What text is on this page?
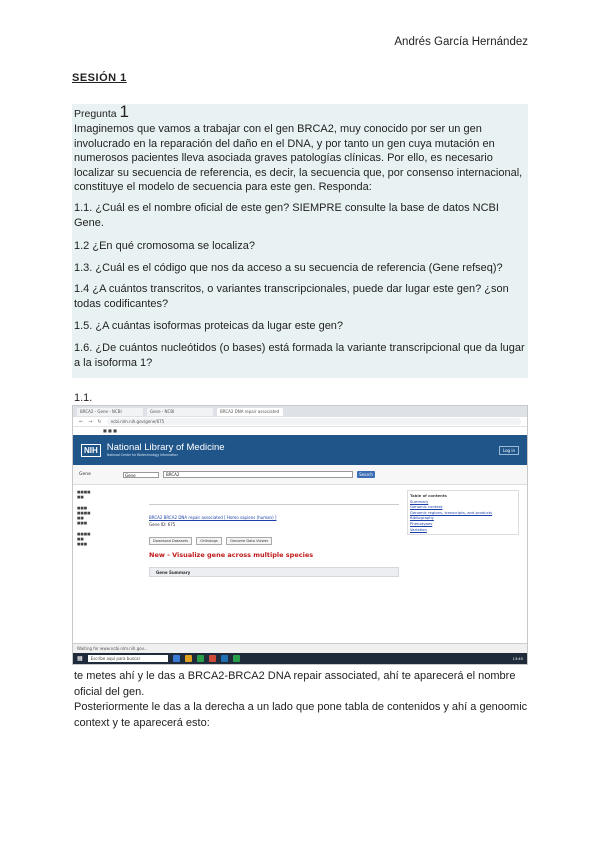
Andrés García Hernández
SESIÓN 1
Pregunta 1
Imaginemos que vamos a trabajar con el gen BRCA2, muy conocido por ser un gen involucrado en la reparación del daño en el DNA, y por tanto un gen cuya mutación en numerosos pacientes lleva asociada graves patologías clínicas. Por ello, es necesario localizar su secuencia de referencia, es decir, la secuencia que, por consenso internacional, constituye el modelo de secuencia para este gen. Responda:
1.1. ¿Cuál es el nombre oficial de este gen? SIEMPRE consulte la base de datos NCBI Gene.
1.2 ¿En qué cromosoma se localiza?
1.3. ¿Cuál es el código que nos da acceso a su secuencia de referencia (Gene refseq)?
1.4 ¿A cuántos transcritos, o variantes transcripcionales, puede dar lugar este gen? ¿son todas codificantes?
1.5. ¿A cuántas isoformas proteicas da lugar este gen?
1.6. ¿De cuántos nucleótidos (o bases) está formada la variante transcripcional que da lugar a la isoforma 1?
1.1.
BRCA2 - Gene - NCBI	Gene - NCBI	BRCA2 DNA repair associated
← → ↻	ncbi.nlm.nih.gov/gene/675
■ ■ ■
NIH National Library of Medicine
National Center for Biotechnology Information
Log in
Gene	Gene	BRCA2	Search
■■■■
■■

■■■
■■■■
■■
■■■

■■■■
■■
■■■
BRCA2 BRCA2 DNA repair associated [ Homo sapiens (human) ]
Gene ID: 675
Download Datasets	Orthologs	Genome Data Viewer
New - Visualize gene across multiple species
Gene Summary
Table of contents
Summary
Genomic context
Genomic regions, transcripts, and products
Bibliography
Phenotypes
Variation
Waiting for www.ncbi.nlm.nih.gov...
▦	Escribe aquí para buscar	13:45
te metes ahí y le das a BRCA2-BRCA2 DNA repair associated, ahí te aparecerá el nombre oficial del gen.
Posteriormente le das a la derecha a un lado que pone tabla de contenidos y ahí a genoomic context y te aparecerá esto:
